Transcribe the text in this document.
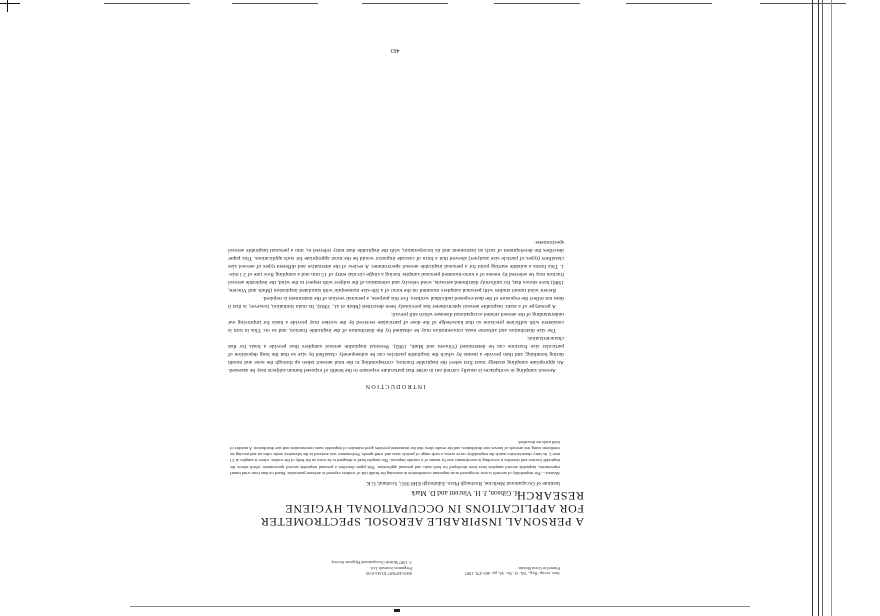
Ann. occup. Hyg., Vol. 31, No. 4A, pp. 463-479, 1987.
Printed in Great Britain.
0003-4878/87 $3.00+0.00
Pergamon Journals Ltd.
© 1987 British Occupational Hygiene Society
A PERSONAL INSPIRABLE AEROSOL SPECTROMETER FOR APPLICATIONS IN OCCUPATIONAL HYGIENE RESEARCH
H. Gibson, J. H. Vincent and D. Mark
Institute of Occupational Medicine, Roxburgh Place, Edinburgh EH8 9SU, Scotland, U.K.

Abstract—The inspirability of aerosols is now recognized as an important consideration in assessing the health risk of workers exposed to airborne particulate. Based on data from wind tunnel experiments, inspirable aerosol samplers have been developed for both static and personal application. This paper describes a personal inspirable aerosol spectrometer which selects the inspirable fraction and classifies it according to aerodynamic size by means of a cascade impactor. The sampler head is designed to be worn on the body of the worker, where it samples at 2 l min-1; its entry characteristics match the inspirability curve across a wide range of particle sizes and wind speeds. Performance was assessed in the laboratory under calm air and moving air conditions using test aerosols of known size distribution, and the results show that the instrument provides good estimates of inspirable mass concentration and size distribution. A number of field trials are described.

INTRODUCTION

Aerosol sampling in workplaces is usually carried out in order that particulate exposure to the health of exposed human subjects may be assessed. An appropriate sampling strategy must first select the inspirable fraction, corresponding to the total aerosol taken up through the nose and mouth during breathing; and then provide a means by which the inspirable particles can be subsequently classified by size so that the lung deposition of particular size fractions can be determined (Vincent and Mark, 1982). Personal inspirable aerosol samplers thus provide a basis for that characterization.

The size distribution and airborne mass concentration may be obtained by the distribution of the inspirable fraction, and so on. This in turn is consistent with sufficient precision so that knowledge of the dose of particulate received by the worker may provide a basis for improving our understanding of the aerosol related occupational diseases which still prevail.

A prototype of a static inspirable aerosol spectrometer has previously been described (Mark et al., 1984). Its main limitation, however, is that it does not reflect the exposure of the dust-exposed individual workers. For this purpose, a personal version of the instrument is required.

Recent wind tunnel studies with personal samplers mounted on the torso of a life-size mannequin with simulated inspiration (Mark and Vincent, 1986) have shown that, for uniformly distributed aerosols, wind velocity and orientation of the subject with respect to the wind, the inspirable aerosol fraction may be selected by means of a torso-mounted personal sampler having a single circular entry of 15 mm and a sampling flow rate of 2 l min-1. This forms a suitable starting point for a personal inspirable aerosol spectrometer. A review of the alternative and different types of aerosol size classifiers (types of particle size analyser) showed that a form of cascade impactor would be the most appropriate for such applications. This paper describes the development of such an instrument and its incorporation, with the inspirable dust entry referred to, into a personal inspirable aerosol spectrometer.

463
